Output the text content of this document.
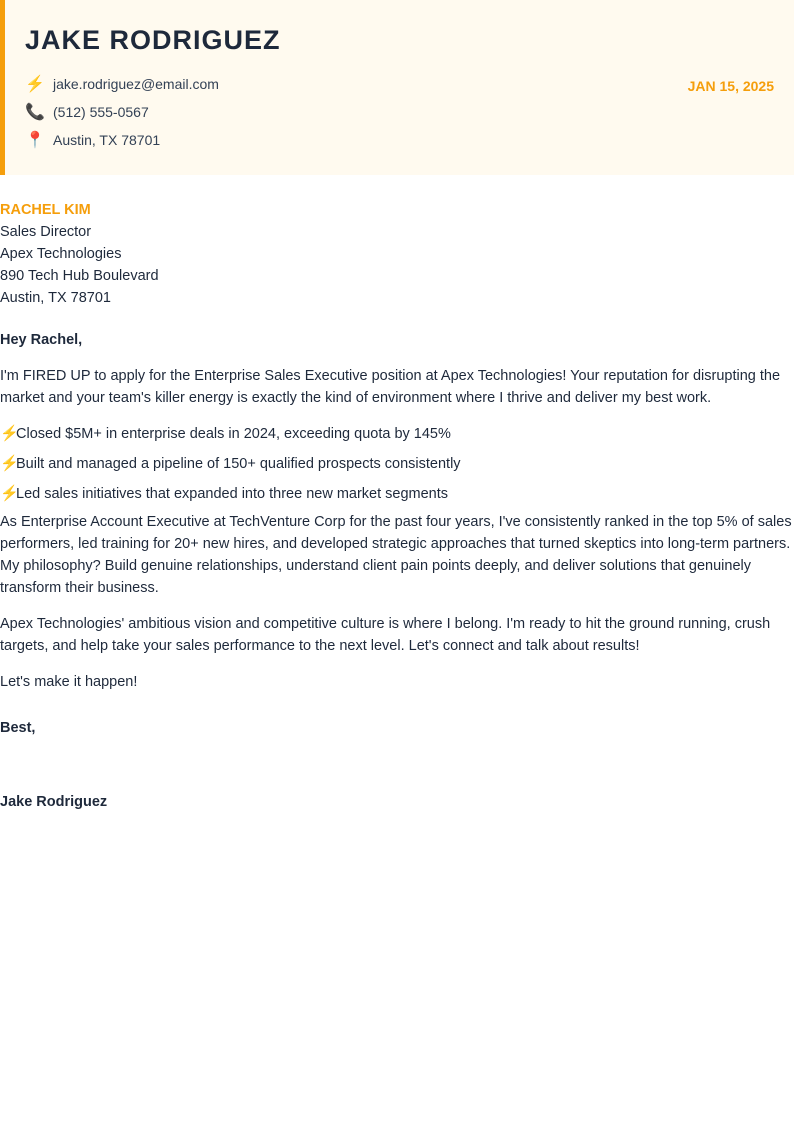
JAKE RODRIGUEZ
⚡ jake.rodriguez@email.com
📞 (512) 555-0567
📍 Austin, TX 78701
JAN 15, 2025
RACHEL KIM
Sales Director
Apex Technologies
890 Tech Hub Boulevard
Austin, TX 78701
Hey Rachel,

I'm FIRED UP to apply for the Enterprise Sales Executive position at Apex Technologies! Your reputation for disrupting the market and your team's killer energy is exactly the kind of environment where I thrive and deliver my best work.

⚡
Closed $5M+ in enterprise deals in 2024, exceeding quota by 145%
⚡
Built and managed a pipeline of 150+ qualified prospects consistently
⚡
Led sales initiatives that expanded into three new market segments

As Enterprise Account Executive at TechVenture Corp for the past four years, I've consistently ranked in the top 5% of sales performers, led training for 20+ new hires, and developed strategic approaches that turned skeptics into long-term partners. My philosophy? Build genuine relationships, understand client pain points deeply, and deliver solutions that genuinely transform their business.

Apex Technologies' ambitious vision and competitive culture is where I belong. I'm ready to hit the ground running, crush targets, and help take your sales performance to the next level. Let's connect and talk about results!

Let's make it happen!

Best,
Jake Rodriguez
